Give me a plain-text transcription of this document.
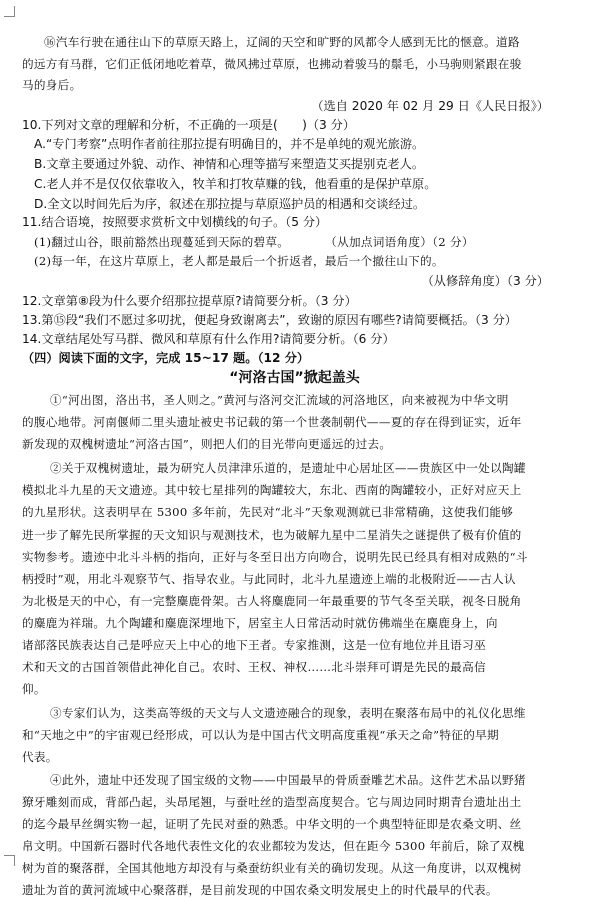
⑯汽车行驶在通往山下的草原天路上，辽阔的天空和旷野的风都令人感到无比的惬意。道路
的远方有马群，它们正低闭地吃着草，微风拂过草原，也拂动着骏马的鬃毛，小马驹则紧跟在骏
马的身后。
（选自 2020 年 02 月 29 日《人民日报》）
10.下列对文章的理解和分析，不正确的一项是(　　)（3 分）
A.“专门考察”点明作者前往那拉提有明确目的，并不是单纯的观光旅游。
B.文章主要通过外貌、动作、神情和心理等描写来塑造艾买提别克老人。
C.老人并不是仅仅依靠收入，牧羊和打牧草赚的钱，他看重的是保护草原。
D.全文以时间先后为序，叙述在那拉提与草原巡护员的相遇和交谈经过。
11.结合语境，按照要求赏析文中划横线的句子。（5 分）
(1)翻过山谷，眼前豁然出现蔓延到天际的碧草。　　　　（从加点词语角度）（2 分）
(2)每一年，在这片草原上，老人都是最后一个折返者，最后一个撤往山下的。
（从修辞角度）（3 分）
12.文章第⑧段为什么要介绍那拉提草原?请简要分析。（3 分）
13.第⑮段“我们不愿过多叨扰，便起身致谢离去”，致谢的原因有哪些?请简要概括。（3 分）
14.文章结尾处写马群、微风和草原有什么作用?请简要分析。（6 分）
（四）阅读下面的文字，完成 15~17 题。（12 分）
“河洛古国”掀起盖头
①“河出图，洛出书，圣人则之。”黄河与洛河交汇流域的河洛地区，向来被视为中华文明
的腹心地带。河南偃师二里头遗址被史书记载的第一个世袭制朝代——夏的存在得到证实，近年
新发现的双槐树遗址“河洛古国”，则把人们的目光带向更遥远的过去。
②关于双槐树遗址，最为研究人员津津乐道的，是遗址中心居址区——贵族区中一处以陶罐
模拟北斗九星的天文遗迹。其中较七星排列的陶罐较大，东北、西南的陶罐较小，正好对应天上
的九星形状。这表明早在 5300 多年前，先民对“北斗”天象观测就已非常精确，这使我们能够
进一步了解先民所掌握的天文知识与观测技术，也为破解九星中二星消失之谜提供了极有价值的
实物参考。遗迹中北斗斗柄的指向，正好与冬至日出方向吻合，说明先民已经具有相对成熟的“斗
柄授时”观，用北斗观察节气、指导农业。与此同时，北斗九星遗迹上端的北极附近——古人认
为北极是天的中心，有一完整麋鹿骨架。古人将麋鹿同一年最重要的节气冬至关联，视冬日脱角
的麋鹿为祥瑞。九个陶罐和麋鹿深埋地下，居室主人日常活动时就仿佛端坐在麋鹿身上，向
诸部落民族表达自己是呼应天上中心的地下王者。专家推测，这是一位有地位并且语习巫
术和天文的古国首领借此神化自己。农时、王权、神权……北斗崇拜可谓是先民的最高信
仰。
③专家们认为，这类高等级的天文与人文遗迹融合的现象，表明在聚落布局中的礼仪化思维
和“天地之中”的宇宙观已经形成，可以认为是中国古代文明高度重视“承天之命”特征的早期
代表。
④此外，遗址中还发现了国宝级的文物——中国最早的骨质蚕雕艺术品。这件艺术品以野猪
獠牙雕刻而成，背部凸起，头昂尾翘，与蚕吐丝的造型高度契合。它与周边同时期青台遗址出土
的迄今最早丝绸实物一起，证明了先民对蚕的熟悉。中华文明的一个典型特征即是农桑文明、丝
帛文明。中国新石器时代各地代表性文化的农业都较为发达，但在距今 5300 年前后，除了双槐
树为首的聚落群，全国其他地方却没有与桑蚕纺织业有关的确切发现。从这一角度讲，以双槐树
遗址为首的黄河流域中心聚落群，是目前发现的中国农桑文明发展史上的时代最早的代表。
